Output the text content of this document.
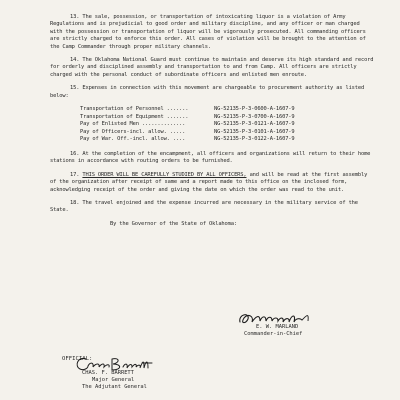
13. The sale, possession, or transportation of intoxicating liquor is a violation of Army Regulations and is prejudicial to good order and military discipline, and any officer or man charged with the possession or transportation of liquor will be vigorously prosecuted. All commanding officers are strictly charged to enforce this order. All cases of violation will be brought to the attention of the Camp Commander through proper military channels.

14. The Oklahoma National Guard must continue to maintain and deserve its high standard and record for orderly and disciplined assembly and transportation to and from Camp. All officers are strictly charged with the personal conduct of subordinate officers and enlisted men enroute.

15. Expenses in connection with this movement are chargeable to procurement authority as listed below:

Transportation of Personnel .......	NG-52135-P-3-0600-A-1607-9
Transportation of Equipment .......	NG-52135-P-3-0700-A-1607-9
Pay of Enlisted Men ..............	NG-52135-P-3-0121-A-1607-9
Pay of Officers-incl. allow. .....	NG-52135-P-3-0101-A-1607-9
Pay of War. Off.-incl. allow. ....	NG-52135-P-3-0122-A-1607-9

16. At the completion of the encampment, all officers and organizations will return to their home stations in accordance with routing orders to be furnished.

17. THIS ORDER WILL BE CAREFULLY STUDIED BY ALL OFFICERS, and will be read at the first assembly of the organization after receipt of same and a report made to this office on the inclosed form, acknowledging receipt of the order and giving the date on which the order was read to the unit.

18. The travel enjoined and the expense incurred are necessary in the military service of the State.

By the Governor of the State of Oklahoma:
E. W. MARLAND
Commander-in-Chief
OFFICIAL:
CHAS. F. BARRETT
Major General
The Adjutant General
